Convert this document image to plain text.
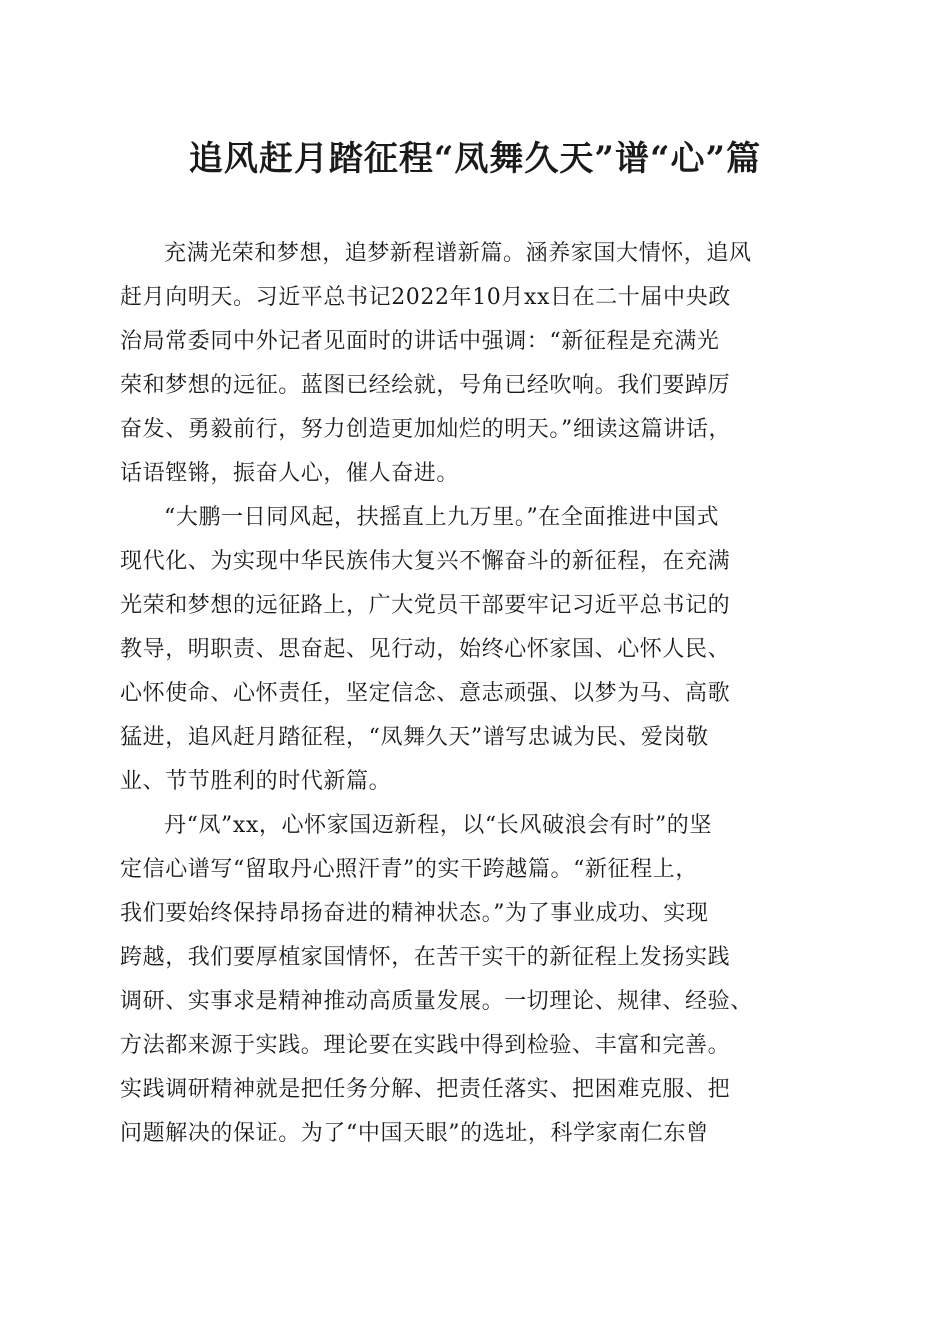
追风赶月踏征程“凤舞久天”谱“心”篇
充满光荣和梦想，追梦新程谱新篇。涵养家国大情怀，追风
赶月向明天。习近平总书记2022年10月xx日在二十届中央政
治局常委同中外记者见面时的讲话中强调：“新征程是充满光
荣和梦想的远征。蓝图已经绘就，号角已经吹响。我们要踔厉
奋发、勇毅前行，努力创造更加灿烂的明天。”细读这篇讲话，
话语铿锵，振奋人心，催人奋进。
“大鹏一日同风起，扶摇直上九万里。”在全面推进中国式
现代化、为实现中华民族伟大复兴不懈奋斗的新征程，在充满
光荣和梦想的远征路上，广大党员干部要牢记习近平总书记的
教导，明职责、思奋起、见行动，始终心怀家国、心怀人民、
心怀使命、心怀责任，坚定信念、意志顽强、以梦为马、高歌
猛进，追风赶月踏征程，“凤舞久天”谱写忠诚为民、爱岗敬
业、节节胜利的时代新篇。
丹“凤”xx，心怀家国迈新程，以“长风破浪会有时”的坚
定信心谱写“留取丹心照汗青”的实干跨越篇。“新征程上，
我们要始终保持昂扬奋进的精神状态。”为了事业成功、实现
跨越，我们要厚植家国情怀，在苦干实干的新征程上发扬实践
调研、实事求是精神推动高质量发展。一切理论、规律、经验、
方法都来源于实践。理论要在实践中得到检验、丰富和完善。
实践调研精神就是把任务分解、把责任落实、把困难克服、把
问题解决的保证。为了“中国天眼”的选址，科学家南仁东曾
